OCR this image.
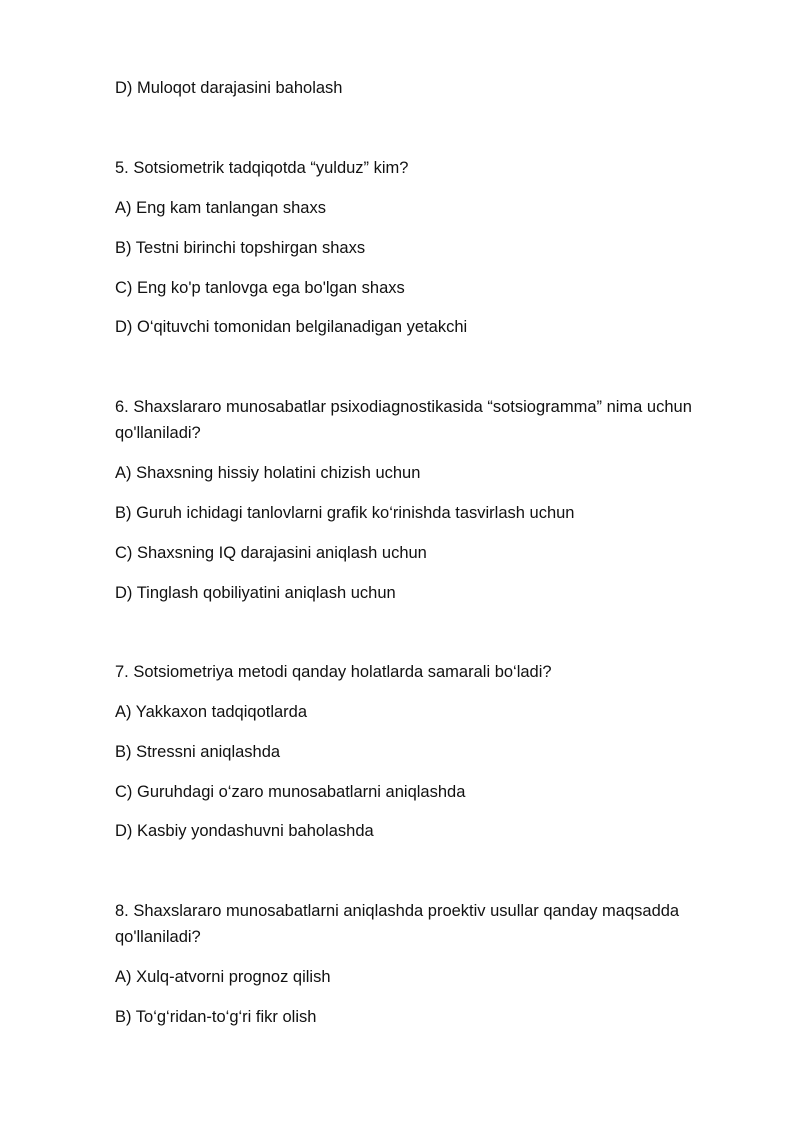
D) Muloqot darajasini baholash

5. Sotsiometrik tadqiqotda “yulduz” kim?

A) Eng kam tanlangan shaxs

B) Testni birinchi topshirgan shaxs

C) Eng ko'p tanlovga ega bo'lgan shaxs

D) O‘qituvchi tomonidan belgilanadigan yetakchi

6. Shaxslararo munosabatlar psixodiagnostikasida “sotsiogramma” nima uchun qo'llaniladi?

A) Shaxsning hissiy holatini chizish uchun

B) Guruh ichidagi tanlovlarni grafik ko‘rinishda tasvirlash uchun

C) Shaxsning IQ darajasini aniqlash uchun

D) Tinglash qobiliyatini aniqlash uchun

7. Sotsiometriya metodi qanday holatlarda samarali bo‘ladi?

A) Yakkaxon tadqiqotlarda

B) Stressni aniqlashda

C) Guruhdagi o‘zaro munosabatlarni aniqlashda

D) Kasbiy yondashuvni baholashda

8. Shaxslararo munosabatlarni aniqlashda proektiv usullar qanday maqsadda qo'llaniladi?

A) Xulq-atvorni prognoz qilish

B) To‘g‘ridan-to‘g‘ri fikr olish
